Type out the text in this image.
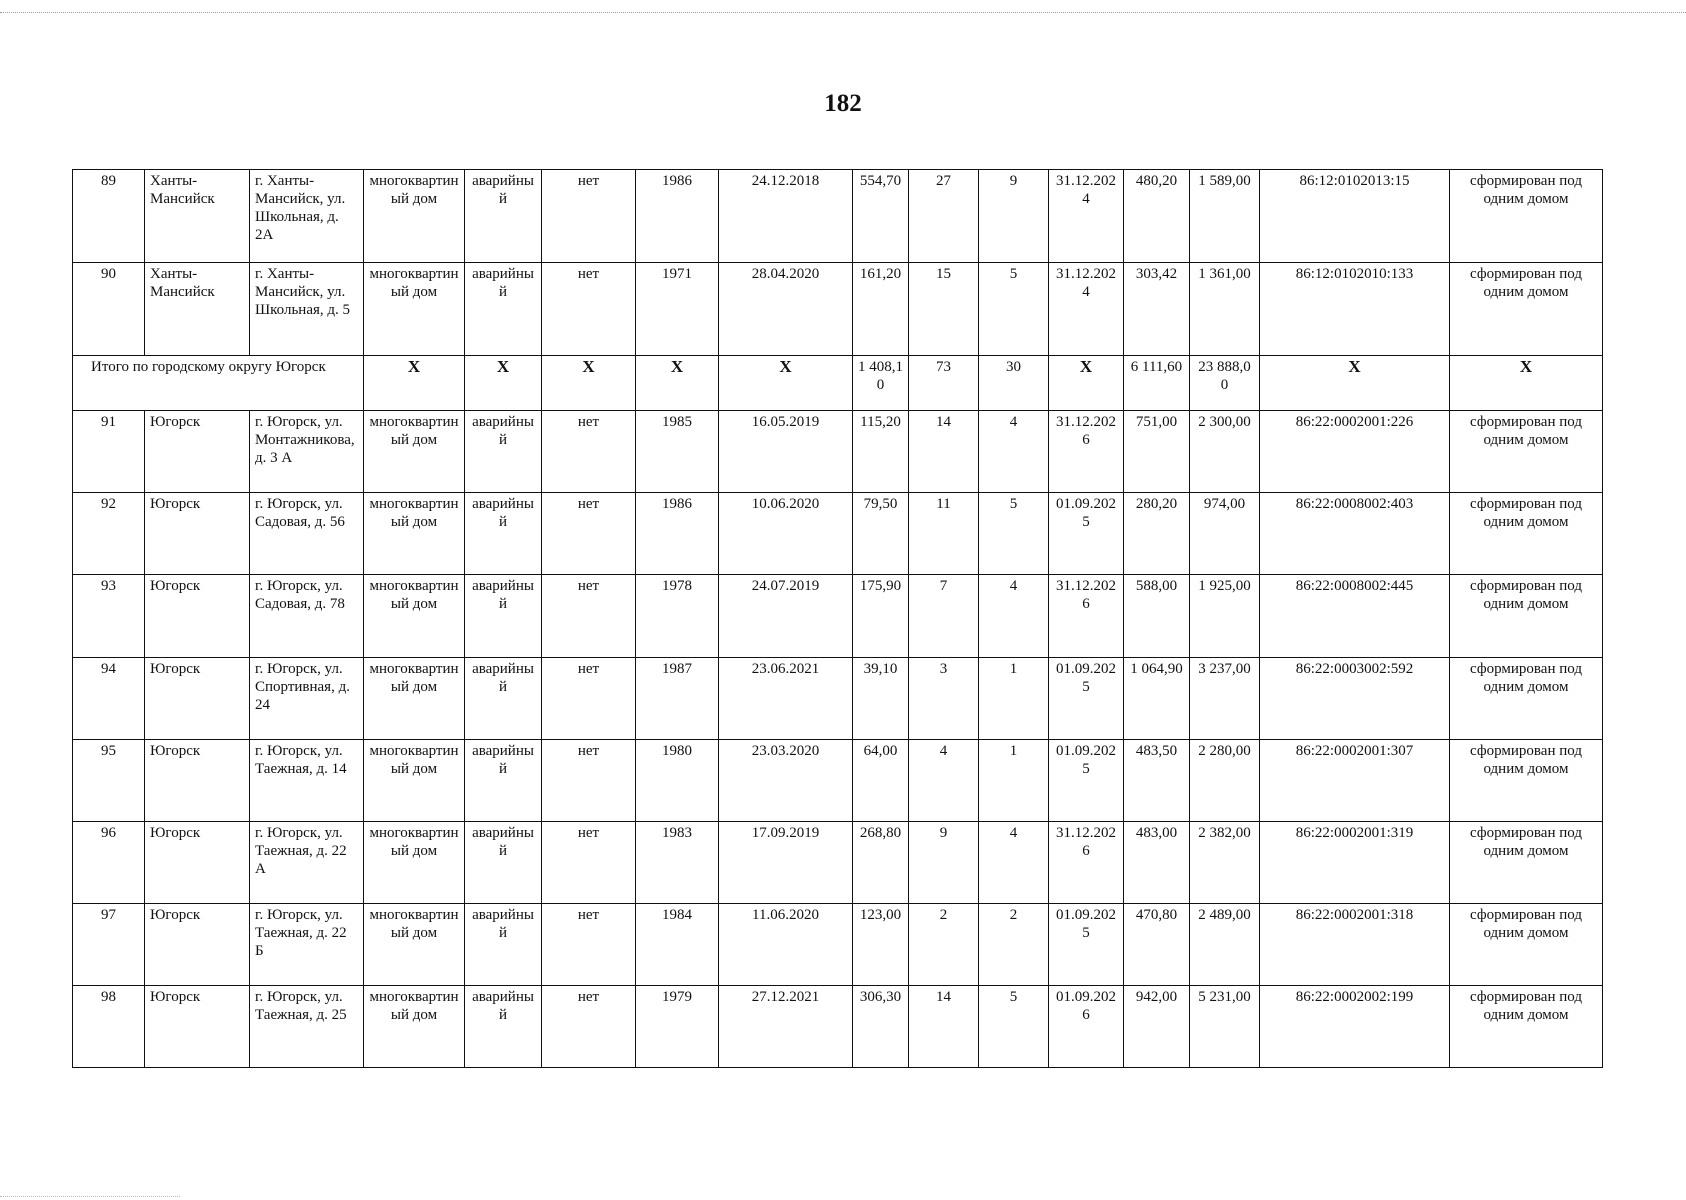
182
89	Ханты-Мансийск	г. Ханты-Мансийск, ул. Школьная, д. 2А	многоквартиный дом	аварийный	нет	1986	24.12.2018	554,70	27	9	31.12.2024	480,20	1 589,00	86:12:0102013:15	сформирован под одним домом
90	Ханты-Мансийск	г. Ханты-Мансийск, ул. Школьная, д. 5	многоквартиный дом	аварийный	нет	1971	28.04.2020	161,20	15	5	31.12.2024	303,42	1 361,00	86:12:0102010:133	сформирован под одним домом
Итого по городскому округу Югорск			X	X	X	X	X	1 408,10	73	30	X	6 111,60	23 888,00	X	X
91	Югорск	г. Югорск, ул. Монтажникова, д. 3 А	многоквартиный дом	аварийный	нет	1985	16.05.2019	115,20	14	4	31.12.2026	751,00	2 300,00	86:22:0002001:226	сформирован под одним домом
92	Югорск	г. Югорск, ул. Садовая, д. 56	многоквартиный дом	аварийный	нет	1986	10.06.2020	79,50	11	5	01.09.2025	280,20	974,00	86:22:0008002:403	сформирован под одним домом
93	Югорск	г. Югорск, ул. Садовая, д. 78	многоквартиный дом	аварийный	нет	1978	24.07.2019	175,90	7	4	31.12.2026	588,00	1 925,00	86:22:0008002:445	сформирован под одним домом
94	Югорск	г. Югорск, ул. Спортивная, д. 24	многоквартиный дом	аварийный	нет	1987	23.06.2021	39,10	3	1	01.09.2025	1 064,90	3 237,00	86:22:0003002:592	сформирован под одним домом
95	Югорск	г. Югорск, ул. Таежная, д. 14	многоквартиный дом	аварийный	нет	1980	23.03.2020	64,00	4	1	01.09.2025	483,50	2 280,00	86:22:0002001:307	сформирован под одним домом
96	Югорск	г. Югорск, ул. Таежная, д. 22 А	многоквартиный дом	аварийный	нет	1983	17.09.2019	268,80	9	4	31.12.2026	483,00	2 382,00	86:22:0002001:319	сформирован под одним домом
97	Югорск	г. Югорск, ул. Таежная, д. 22 Б	многоквартиный дом	аварийный	нет	1984	11.06.2020	123,00	2	2	01.09.2025	470,80	2 489,00	86:22:0002001:318	сформирован под одним домом
98	Югорск	г. Югорск, ул. Таежная, д. 25	многоквартиный дом	аварийный	нет	1979	27.12.2021	306,30	14	5	01.09.2026	942,00	5 231,00	86:22:0002002:199	сформирован под одним домом
